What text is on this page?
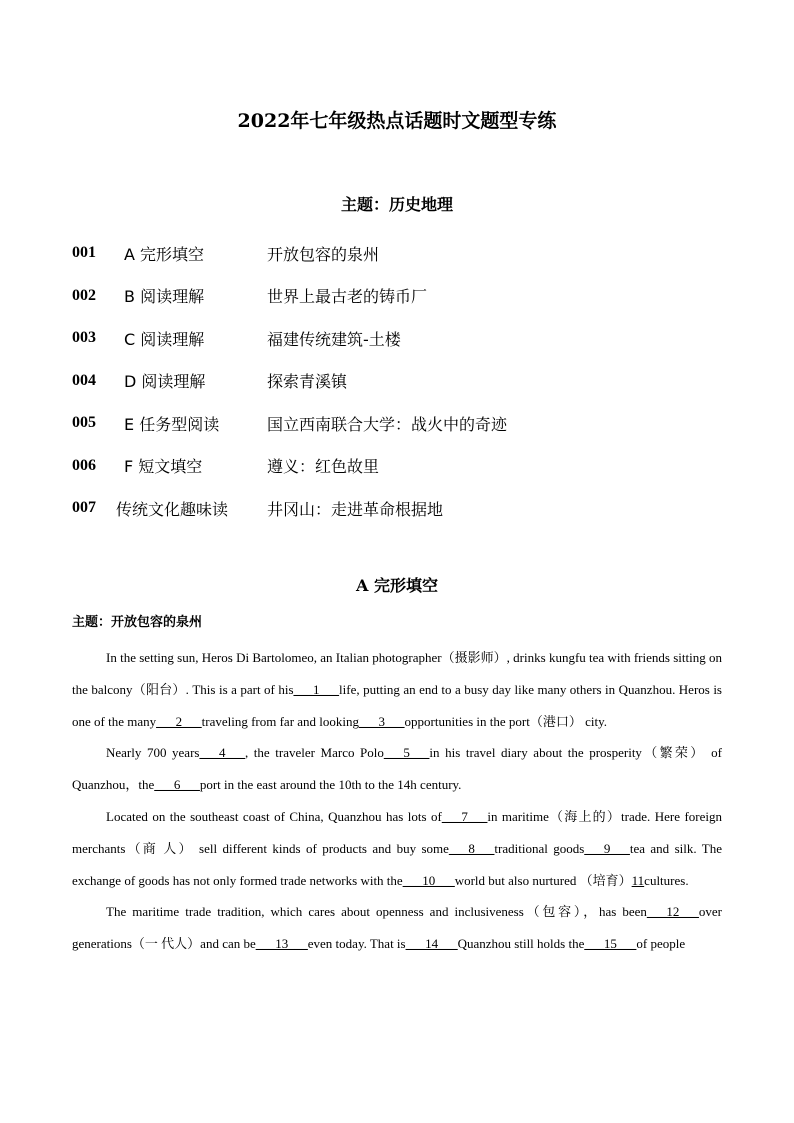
2022年七年级热点话题时文题型专练
主题：历史地理
001	A 完形填空	开放包容的泉州
002	B 阅读理解	世界上最古老的铸币厂
003	C 阅读理解	福建传统建筑-土楼
004	D 阅读理解	探索青溪镇
005	E 任务型阅读	国立西南联合大学：战火中的奇迹
006	F 短文填空	遵义：红色故里
007	传统文化趣味读	井冈山：走进革命根据地
A 完形填空
主题：开放包容的泉州

In the setting sun, Heros Di Bartolomeo, an Italian photographer（摄影师）, drinks kungfu tea with friends sitting on the balcony（阳台）. This is a part of his___1___life, putting an end to a busy day like many others in Quanzhou. Heros is one of the many___2___traveling from far and looking___3___opportunities in the port（港口） city.

Nearly 700 years___4___, the traveler Marco Polo___5___in his travel diary about the prosperity（繁荣） of Quanzhou，the___6___port in the east around the 10th to the 14h century.

Located on the southeast coast of China, Quanzhou has lots of___7___in maritime（海上的）trade. Here foreign merchants（商 人） sell different kinds of products and buy some___8___traditional goods___9___tea and silk. The exchange of goods has not only formed trade networks with the___10___world but also nurtured （培育）11cultures.

The maritime trade tradition, which cares about openness and inclusiveness（包容），has been___12___over generations（一 代人）and can be___13___even today. That is___14___Quanzhou still holds the___15___of people
